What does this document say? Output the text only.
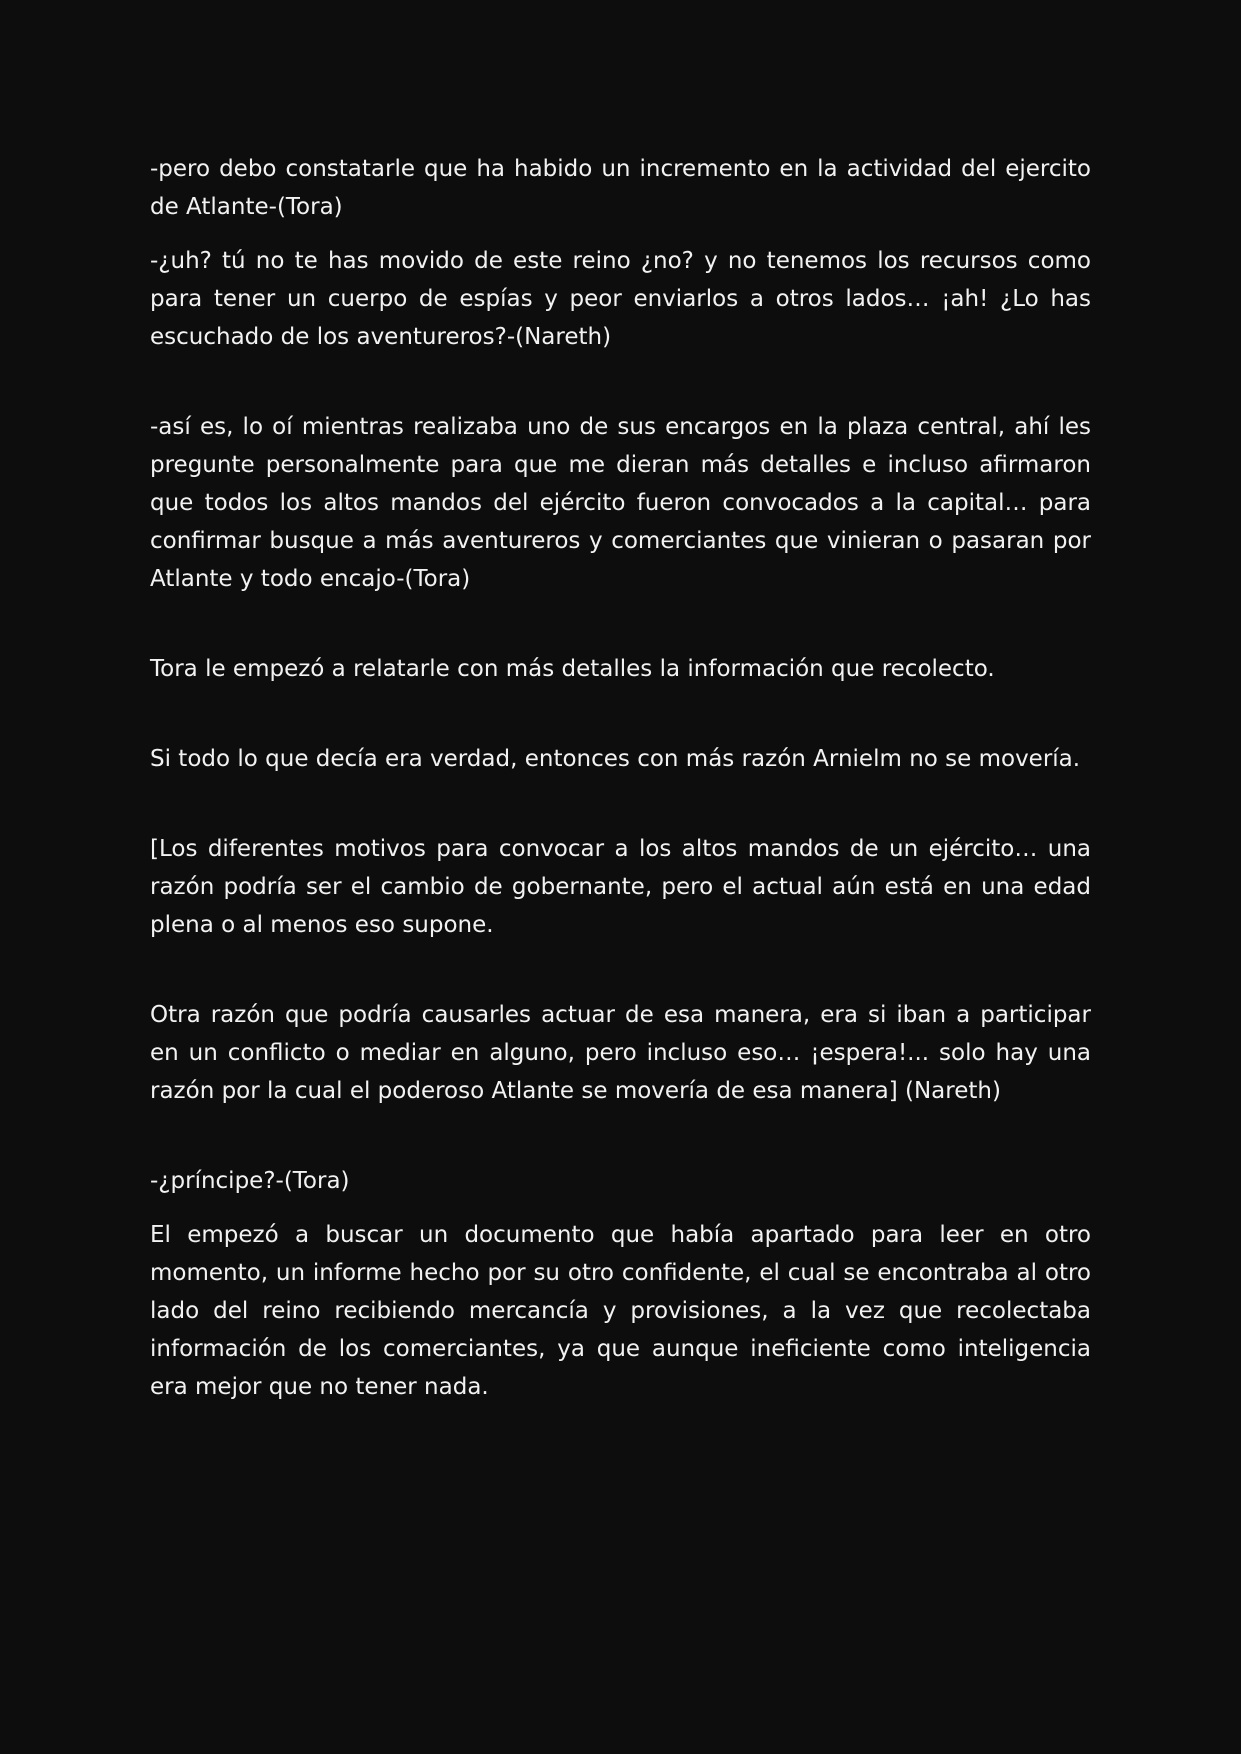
-pero debo constatarle que ha habido un incremento en la actividad del ejercito de Atlante-(Tora)

-¿uh? tú no te has movido de este reino ¿no? y no tenemos los recursos como para tener un cuerpo de espías y peor enviarlos a otros lados… ¡ah! ¿Lo has escuchado de los aventureros?-(Nareth)

-así es, lo oí mientras realizaba uno de sus encargos en la plaza central, ahí les pregunte personalmente para que me dieran más detalles e incluso afirmaron que todos los altos mandos del ejército fueron convocados a la capital… para confirmar busque a más aventureros y comerciantes que vinieran o pasaran por Atlante y todo encajo-(Tora)

Tora le empezó a relatarle con más detalles la información que recolecto.

Si todo lo que decía era verdad, entonces con más razón Arnielm no se movería.

[Los diferentes motivos para convocar a los altos mandos de un ejército… una razón podría ser el cambio de gobernante, pero el actual aún está en una edad plena o al menos eso supone.

Otra razón que podría causarles actuar de esa manera, era si iban a participar en un conflicto o mediar en alguno, pero incluso eso… ¡espera!... solo hay una razón por la cual el poderoso Atlante se movería de esa manera] (Nareth)

-¿príncipe?-(Tora)

El empezó a buscar un documento que había apartado para leer en otro momento, un informe hecho por su otro confidente, el cual se encontraba al otro lado del reino recibiendo mercancía y provisiones, a la vez que recolectaba información de los comerciantes, ya que aunque ineficiente como inteligencia era mejor que no tener nada.
